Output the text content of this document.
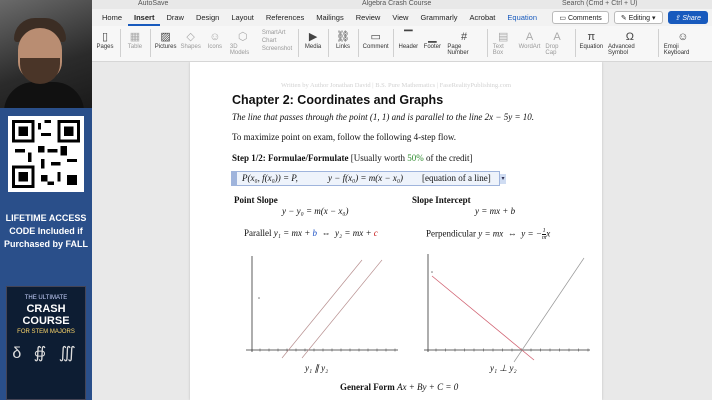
LIFETIME ACCESS
CODE Included if
Purchased by FALL
THE ULTIMATE
CRASH COURSE
FOR STEM MAJORS
δ ∯ ∭
AutoSave	Algebra Crash Course	Search (Cmd + Ctrl + U)
Home	Insert	Draw	Design	Layout	References	Mailings	Review	View	Grammarly	Acrobat	Equation	▭ Comments	✎ Editing ▾	⇪ Share
▯
Pages
▦
Table
▨
Pictures
◇
Shapes
☺
Icons
⬡
3D Models
SmartArt
Chart
Screenshot
▶
Media
⛓
Links
▭
Comment
▔
Header
▁
Footer
#
Page Number
▤
Text Box
A
WordArt
A
Drop Cap
π
Equation
Ω
Advanced Symbol
☺
Emoji Keyboard
Written by Author Jonathan David | B.S. Pure Mathematics | FaseRealityPublishing.com
Chapter 2: Coordinates and Graphs
The line that passes through the point (1, 1) and is parallel to the line 2x − 5y = 10.
To maximize point on exam, follow the following 4-step flow.
Step 1/2: Formulae/Formulate [Usually worth 50% of the credit]
▾
P(x₀, f(x₀)) = P,	y − f(x₀) = m(x − x₀) [equation of a line]
Point Slope
y − y₀ = m(x − x₀)
Slope Intercept
y = mx + b
Parallel y₁ = mx + b ⇔ y₂ = mx + c	Perpendicular y = mx ⇔ y = − $\frac{1}{m}$ x
y₁ ∥ y₂	y₁ ⊥ y₂
General Form Ax + By + C = 0
